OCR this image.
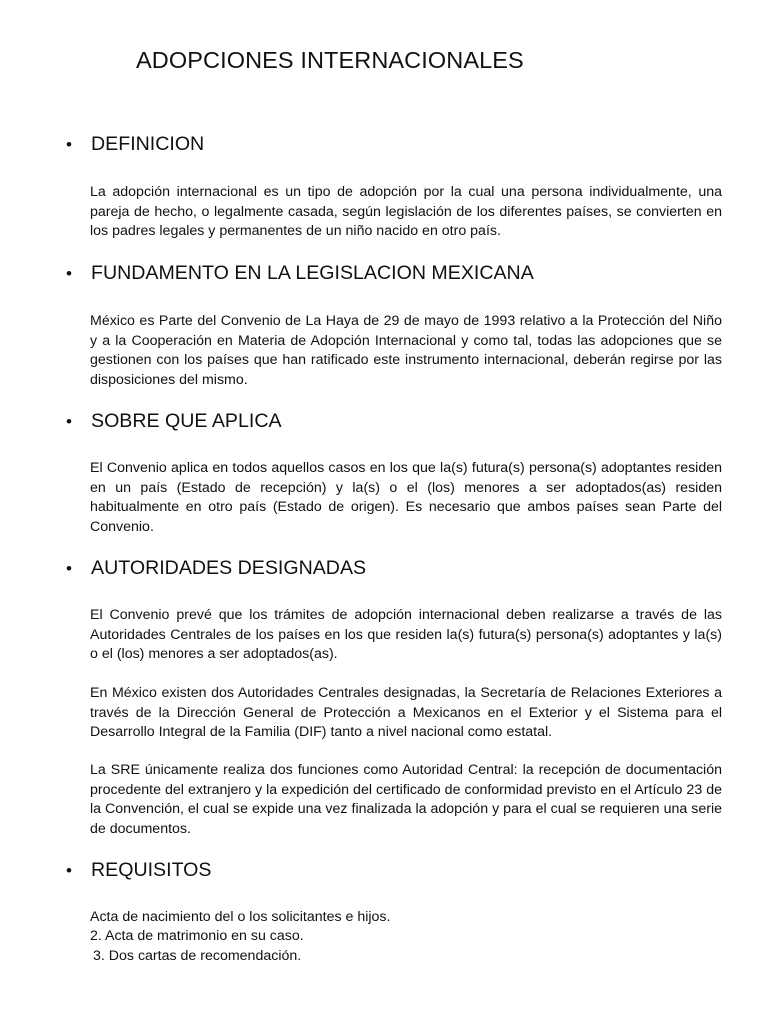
ADOPCIONES INTERNACIONALES
• DEFINICION

La adopción internacional es un tipo de adopción por la cual una persona individualmente, una pareja de hecho, o legalmente casada, según legislación de los diferentes países, se convierten en los padres legales y permanentes de un niño nacido en otro país.

• FUNDAMENTO EN LA LEGISLACION MEXICANA

México es Parte del Convenio de La Haya de 29 de mayo de 1993 relativo a la Protección del Niño y a la Cooperación en Materia de Adopción Internacional y como tal, todas las adopciones que se gestionen con los países que han ratificado este instrumento internacional, deberán regirse por las disposiciones del mismo.

• SOBRE QUE APLICA

El Convenio aplica en todos aquellos casos en los que la(s) futura(s) persona(s) adoptantes residen en un país (Estado de recepción) y la(s) o el (los) menores a ser adoptados(as) residen habitualmente en otro país (Estado de origen). Es necesario que ambos países sean Parte del Convenio.

• AUTORIDADES DESIGNADAS

El Convenio prevé que los trámites de adopción internacional deben realizarse a través de las Autoridades Centrales de los países en los que residen la(s) futura(s) persona(s) adoptantes y la(s) o el (los) menores a ser adoptados(as).

En México existen dos Autoridades Centrales designadas, la Secretaría de Relaciones Exteriores a través de la Dirección General de Protección a Mexicanos en el Exterior y el Sistema para el Desarrollo Integral de la Familia (DIF) tanto a nivel nacional como estatal.

La SRE únicamente realiza dos funciones como Autoridad Central: la recepción de documentación procedente del extranjero y la expedición del certificado de conformidad previsto en el Artículo 23 de la Convención, el cual se expide una vez finalizada la adopción y para el cual se requieren una serie de documentos.

• REQUISITOS

Acta de nacimiento del o los solicitantes e hijos.

2. Acta de matrimonio en su caso.

3. Dos cartas de recomendación.
